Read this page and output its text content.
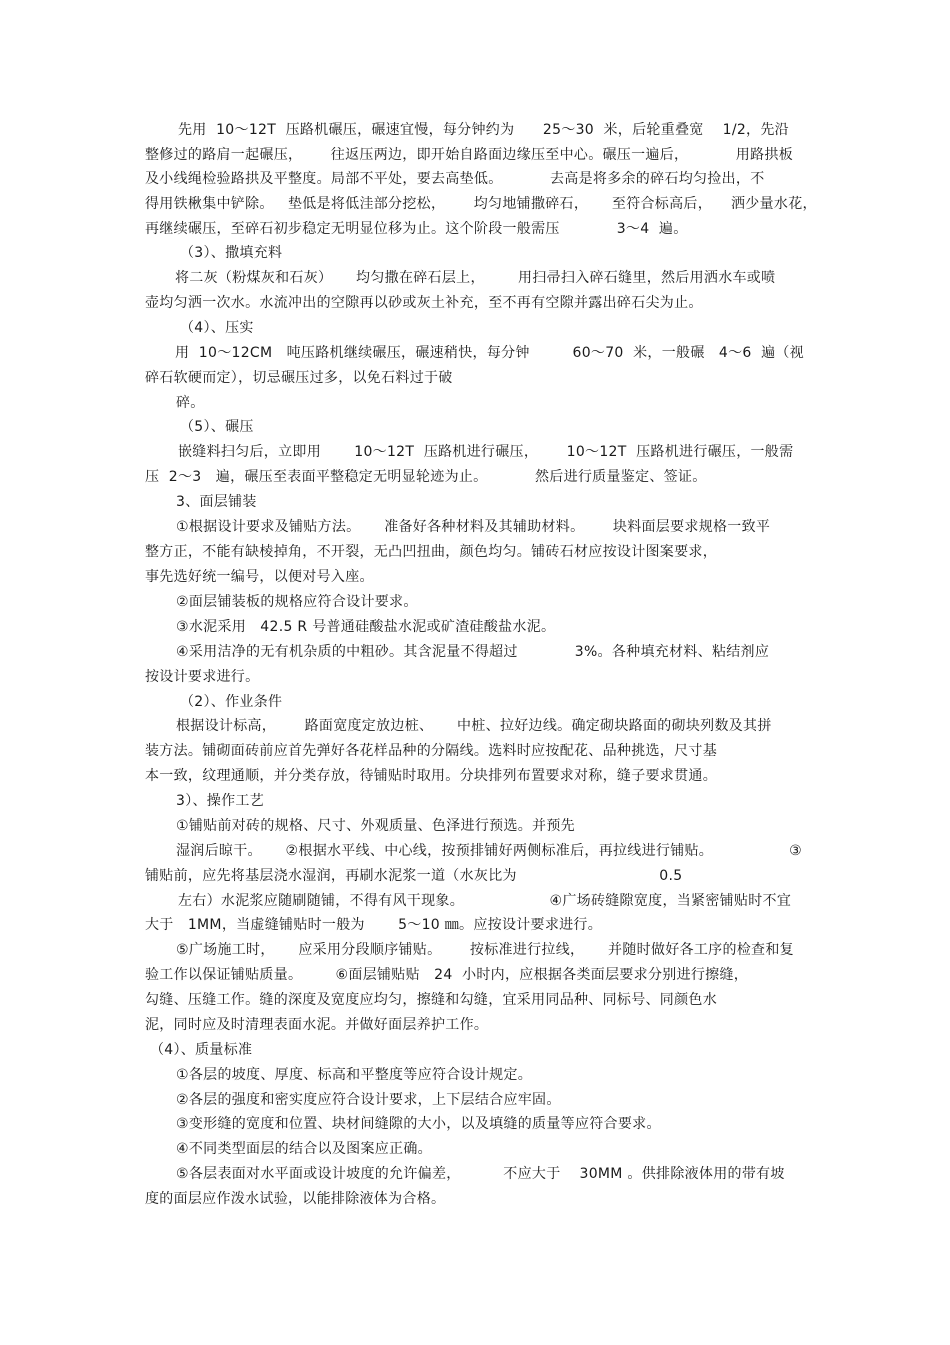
先用  10～12T  压路机碾压，碾速宜慢，每分钟约为      25～30  米，后轮重叠宽    1/2，先沿
整修过的路肩一起碾压，      往返压两边，即开始自路面边缘压至中心。碾压一遍后，          用路拱板
及小线绳检验路拱及平整度。局部不平处，要去高垫低。          去高是将多余的碎石均匀捡出，不
得用铁楸集中铲除。   垫低是将低洼部分挖松，      均匀地铺撒碎石，     至符合标高后，    洒少量水花，
再继续碾压，至碎石初步稳定无明显位移为止。这个阶段一般需压            3～4  遍。
（3）、撒填充料
将二灰（粉煤灰和石灰）     均匀撒在碎石层上，       用扫帚扫入碎石缝里，然后用洒水车或喷
壶均匀洒一次水。水流冲出的空隙再以砂或灰土补充，至不再有空隙并露出碎石尖为止。
（4）、压实
用  10～12CM   吨压路机继续碾压，碾速稍快，每分钟         60～70  米，一般碾   4～6  遍（视
碎石软硬而定），切忌碾压过多，以免石料过于破
碎。
（5）、碾压
嵌缝料扫匀后，立即用       10～12T  压路机进行碾压，      10～12T  压路机进行碾压，一般需
压  2～3   遍，碾压至表面平整稳定无明显轮迹为止。          然后进行质量鉴定、签证。
3、面层铺装
①根据设计要求及铺贴方法。     准备好各种材料及其辅助材料。      块料面层要求规格一致平
整方正，不能有缺棱掉角，不开裂，无凸凹扭曲，颜色均匀。铺砖石材应按设计图案要求，
事先选好统一编号，以便对号入座。
②面层铺装板的规格应符合设计要求。
③水泥采用   42.5 R 号普通硅酸盐水泥或矿渣硅酸盐水泥。
④采用洁净的无有机杂质的中粗砂。其含泥量不得超过            3%。各种填充材料、粘结剂应
按设计要求进行。
（2）、作业条件
根据设计标高，      路面宽度定放边桩、     中桩、拉好边线。确定砌块路面的砌块列数及其拼
装方法。铺砌面砖前应首先弹好各花样品种的分隔线。选料时应按配花、品种挑选，尺寸基
本一致，纹理通顺，并分类存放，待铺贴时取用。分块排列布置要求对称，缝子要求贯通。
3）、操作工艺
①铺贴前对砖的规格、尺寸、外观质量、色泽进行预选。并预先
湿润后晾干。     ②根据水平线、中心线，按预排铺好两侧标准后，再拉线进行铺贴。                ③
铺贴前，应先将基层浇水湿润，再刷水泥浆一道（水灰比为                              0.5
左右）水泥浆应随刷随铺，不得有风干现象。                  ④广场砖缝隙宽度，当紧密铺贴时不宜
大于   1MM，当虚缝铺贴时一般为       5～10 ㎜。应按设计要求进行。
⑤广场施工时，     应采用分段顺序铺贴。      按标准进行拉线，     并随时做好各工序的检查和复
验工作以保证铺贴质量。       ⑥面层铺贴贴   24  小时内，应根据各类面层要求分别进行擦缝，
勾缝、压缝工作。缝的深度及宽度应均匀，擦缝和勾缝，宜采用同品种、同标号、同颜色水
泥，同时应及时清理表面水泥。并做好面层养护工作。
（4）、质量标准
①各层的坡度、厚度、标高和平整度等应符合设计规定。
②各层的强度和密实度应符合设计要求，上下层结合应牢固。
③变形缝的宽度和位置、块材间缝隙的大小，以及填缝的质量等应符合要求。
④不同类型面层的结合以及图案应正确。
⑤各层表面对水平面或设计坡度的允许偏差，         不应大于    30MM 。供排除液体用的带有坡
度的面层应作泼水试验，以能排除液体为合格。
